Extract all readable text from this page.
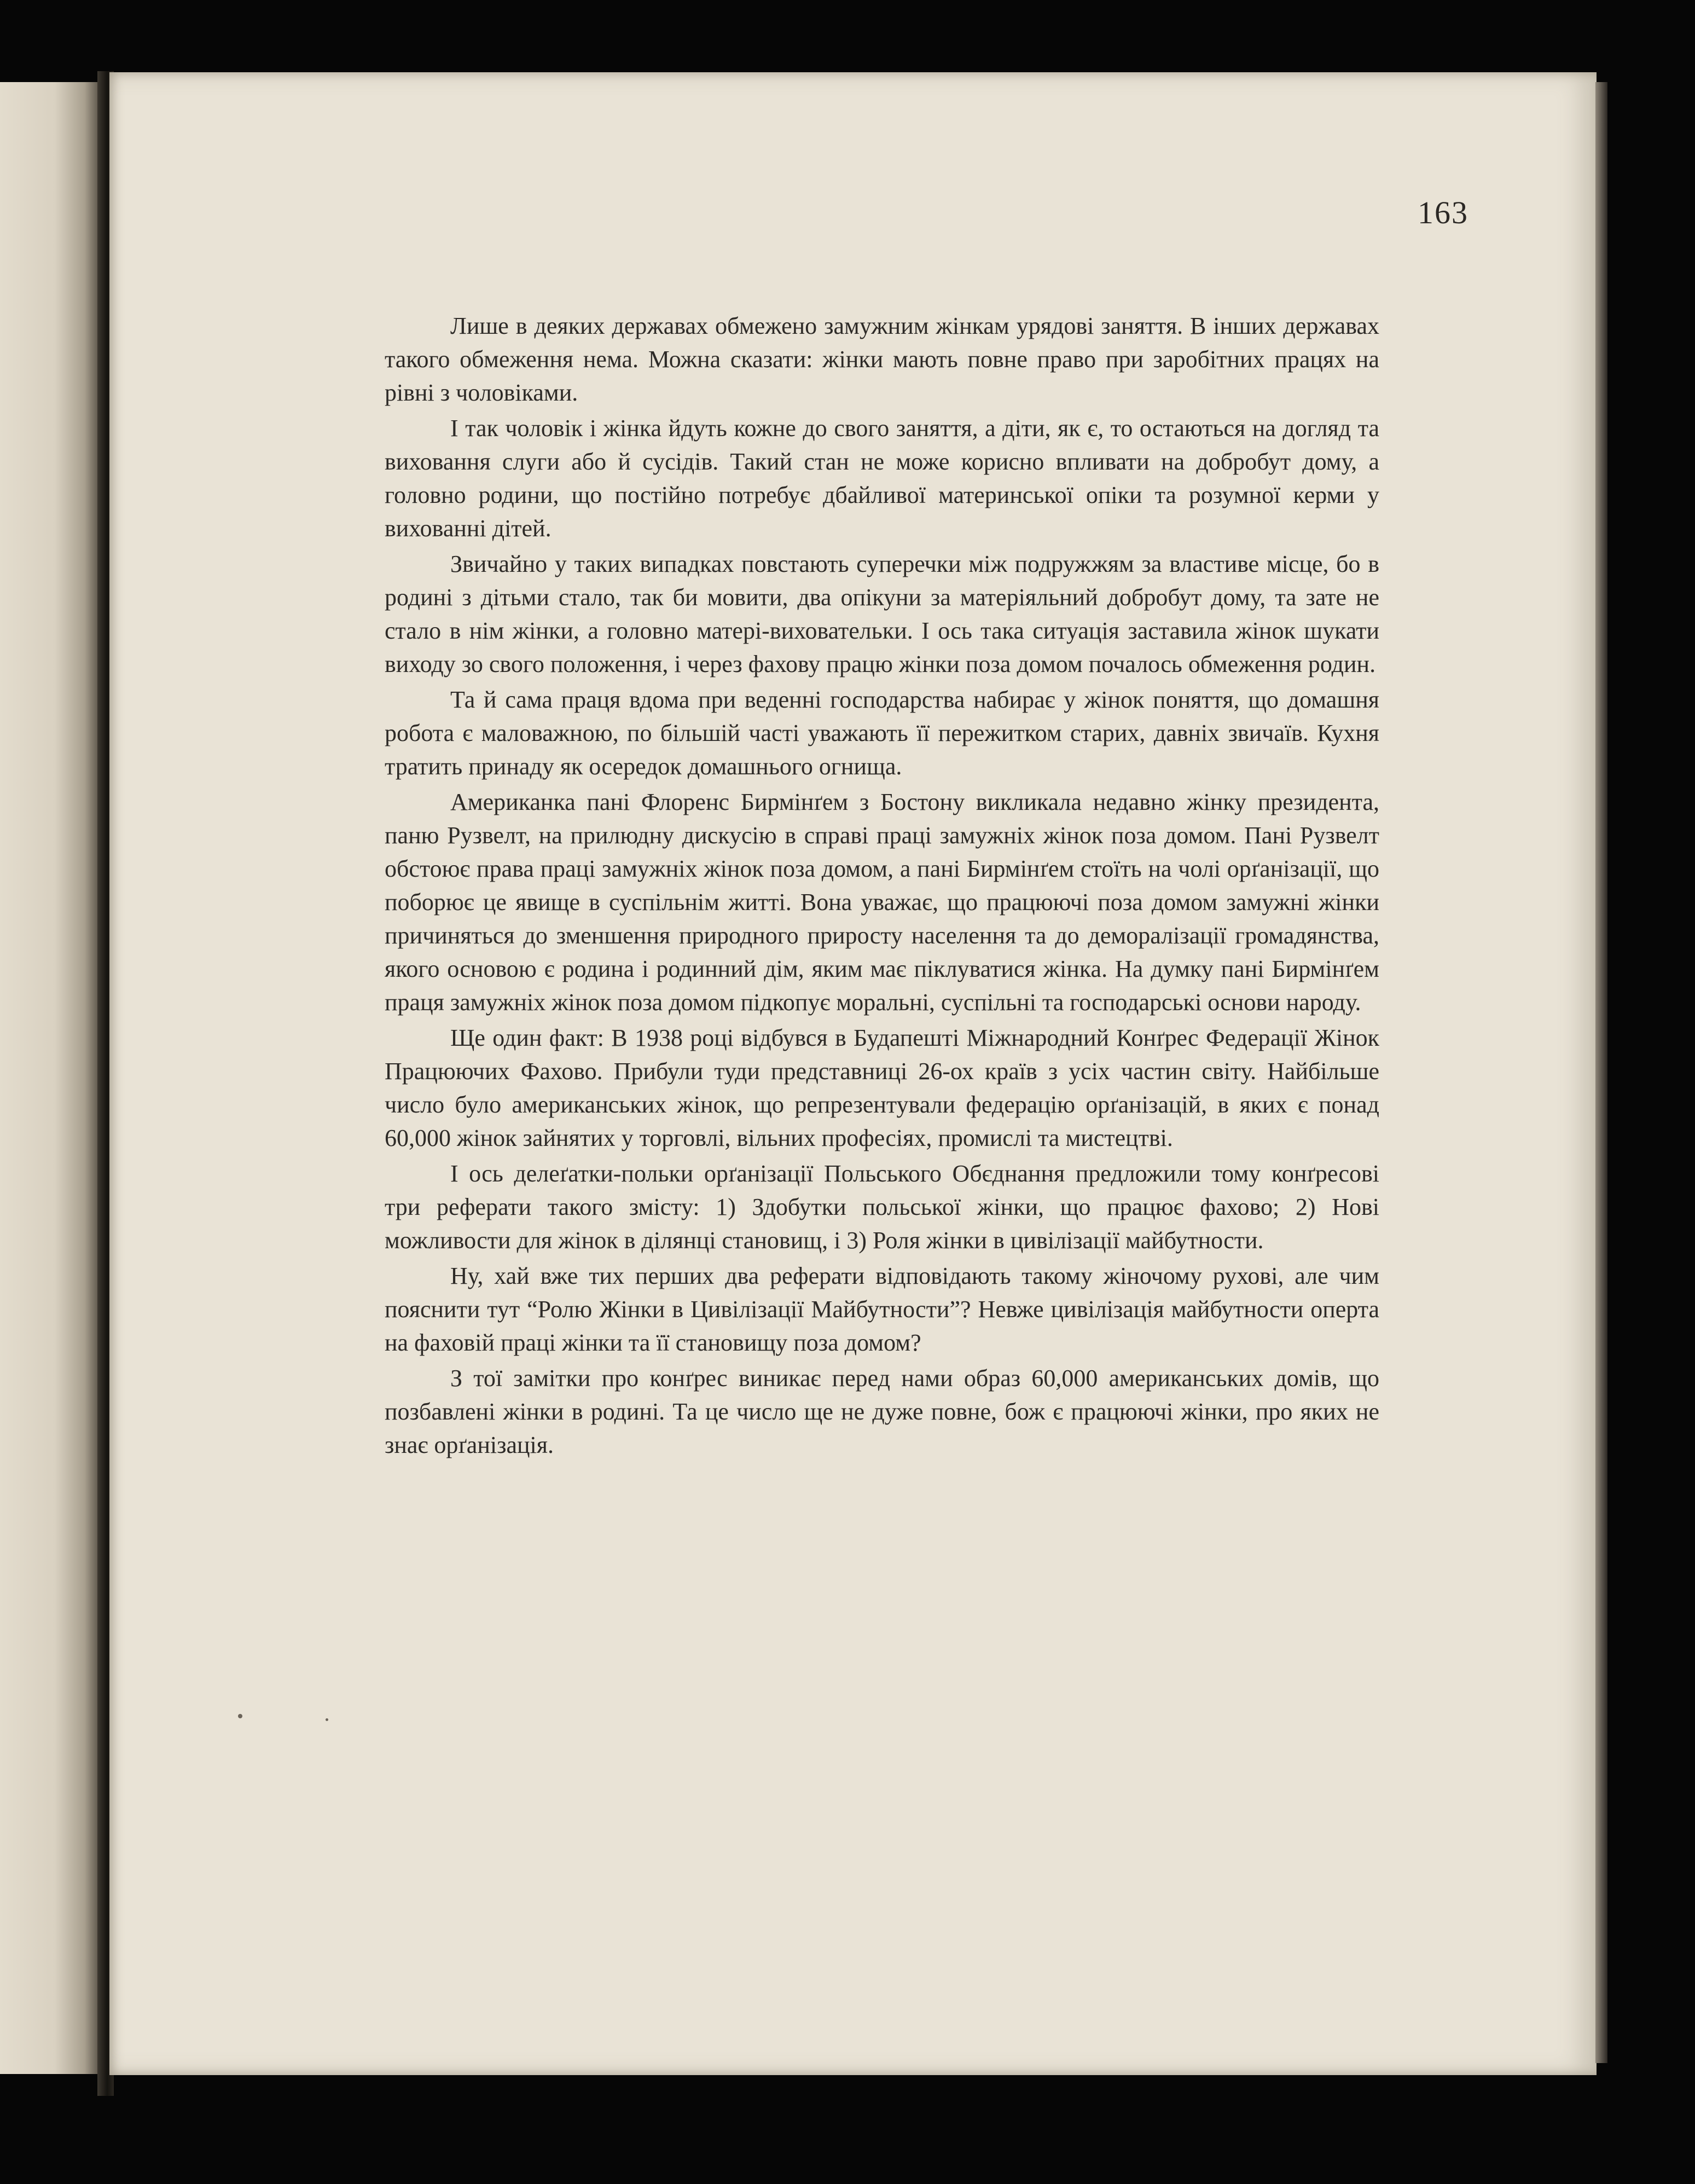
163

Лише в деяких державах обмежено замужним жінкам урядові заняття. В інших державах такого обмеження нема. Можна сказати: жінки мають повне право при заробітних працях на рівні з чоловіками.

І так чоловік і жінка йдуть кожне до свого заняття, а діти, як є, то остаються на догляд та виховання слуги або й сусідів. Такий стан не може корисно впливати на добробут дому, а головно родини, що постійно потребує дбайливої материнської опіки та розумної керми у вихованні дітей.

Звичайно у таких випадках повстають суперечки між подружжям за властиве місце, бо в родині з дітьми стало, так би мовити, два опікуни за матеріяльний добробут дому, та зате не стало в нім жінки, а головно матері-виховательки. І ось така ситуація заставила жінок шукати виходу зо свого положення, і через фахову працю жінки поза домом почалось обмеження родин.

Та й сама праця вдома при веденні господарства набирає у жінок поняття, що домашня робота є маловажною, по більшій часті уважають її пережитком старих, давніх звичаїв. Кухня тратить принаду як осередок домашнього огнища.

Американка пані Флоренс Бирмінґем з Бостону викликала недавно жінку президента, паню Рузвелт, на прилюдну дискусію в справі праці замужніх жінок поза домом. Пані Рузвелт обстоює права праці замужніх жінок поза домом, а пані Бирмінґем стоїть на чолі орґанізації, що поборює це явище в суспільнім житті. Вона уважає, що працюючі поза домом замужні жінки причиняться до зменшення природного приросту населення та до деморалізації громадянства, якого основою є родина і родинний дім, яким має піклуватися жінка. На думку пані Бирмінґем праця замужніх жінок поза домом підкопує моральні, суспільні та господарські основи народу.

Ще один факт: В 1938 році відбувся в Будапешті Міжнародний Конґрес Федерації Жінок Працюючих Фахово. Прибули туди представниці 26-ох країв з усіх частин світу. Найбільше число було американських жінок, що репрезентували федерацію орґанізацій, в яких є понад 60,000 жінок зайнятих у торговлі, вільних професіях, промислі та мистецтві.

І ось делеґатки-польки орґанізації Польського Обєднання предложили тому конґресові три реферати такого змісту: 1) Здобутки польської жінки, що працює фахово; 2) Нові можливости для жінок в ділянці становищ, і 3) Роля жінки в цивілізації майбутности.

Ну, хай вже тих перших два реферати відповідають такому жіночому рухові, але чим пояснити тут “Ролю Жінки в Цивілізації Майбутности”? Невже цивілізація майбутности оперта на фаховій праці жінки та її становищу поза домом?

З тої замітки про конґрес виникає перед нами образ 60,000 американських домів, що позбавлені жінки в родині. Та це число ще не дуже повне, бож є працюючі жінки, про яких не знає орґанізація.
